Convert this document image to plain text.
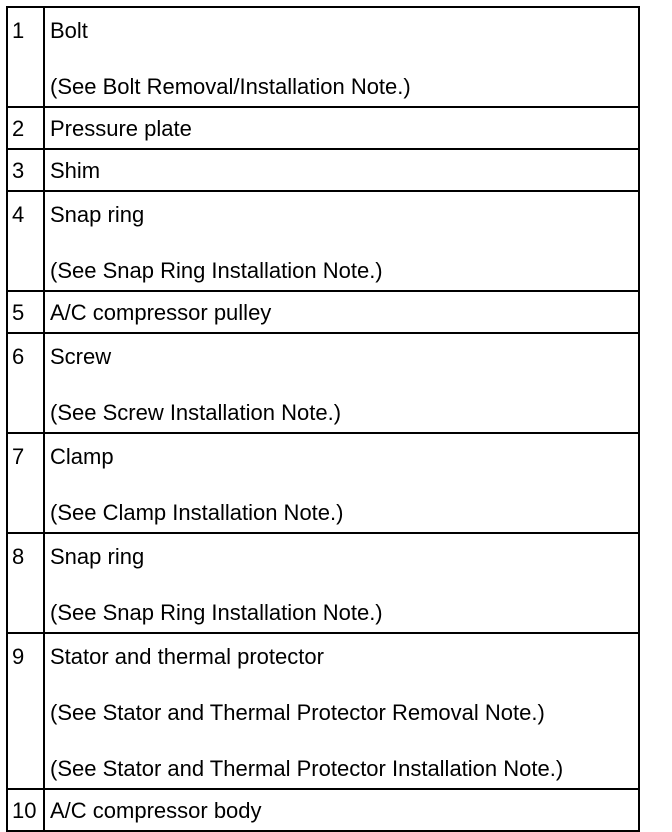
1	Bolt
(See Bolt Removal/Installation Note.)

2	Pressure plate

3	Shim

4	Snap ring
(See Snap Ring Installation Note.)

5	A/C compressor pulley

6	Screw
(See Screw Installation Note.)

7	Clamp
(See Clamp Installation Note.)

8	Snap ring
(See Snap Ring Installation Note.)

9	Stator and thermal protector
(See Stator and Thermal Protector Removal Note.)
(See Stator and Thermal Protector Installation Note.)

10	A/C compressor body
